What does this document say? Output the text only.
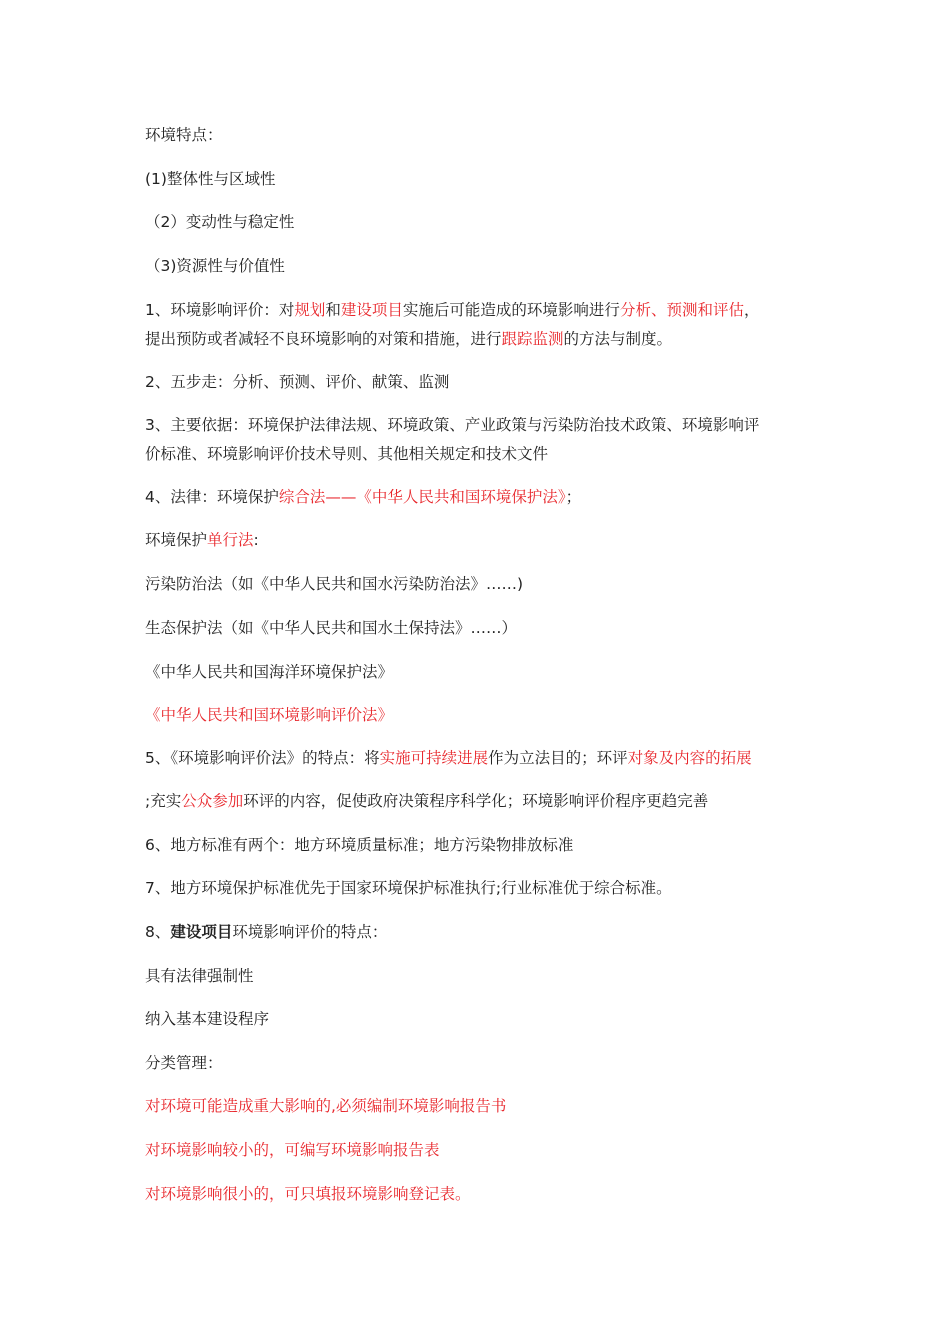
环境特点：
(1)整体性与区域性
（2）变动性与稳定性
（3)资源性与价值性
1、环境影响评价：对规划和建设项目实施后可能造成的环境影响进行分析、预测和评估，
提出预防或者减轻不良环境影响的对策和措施，进行跟踪监测的方法与制度。
2、五步走：分析、预测、评价、献策、监测
3、主要依据：环境保护法律法规、环境政策、产业政策与污染防治技术政策、环境影响评
价标准、环境影响评价技术导则、其他相关规定和技术文件
4、法律：环境保护综合法——《中华人民共和国环境保护法》；
环境保护单行法:
污染防治法（如《中华人民共和国水污染防治法》……)
生态保护法（如《中华人民共和国水土保持法》……）
《中华人民共和国海洋环境保护法》
《中华人民共和国环境影响评价法》
5、《环境影响评价法》的特点：将实施可持续进展作为立法目的；环评对象及内容的拓展
;充实公众参加环评的内容，促使政府决策程序科学化；环境影响评价程序更趋完善
6、地方标准有两个：地方环境质量标准；地方污染物排放标准
7、地方环境保护标准优先于国家环境保护标准执行;行业标准优于综合标准。
8、建设项目环境影响评价的特点：
具有法律强制性
纳入基本建设程序
分类管理：
对环境可能造成重大影响的,必须编制环境影响报告书
对环境影响较小的，可编写环境影响报告表
对环境影响很小的，可只填报环境影响登记表。
